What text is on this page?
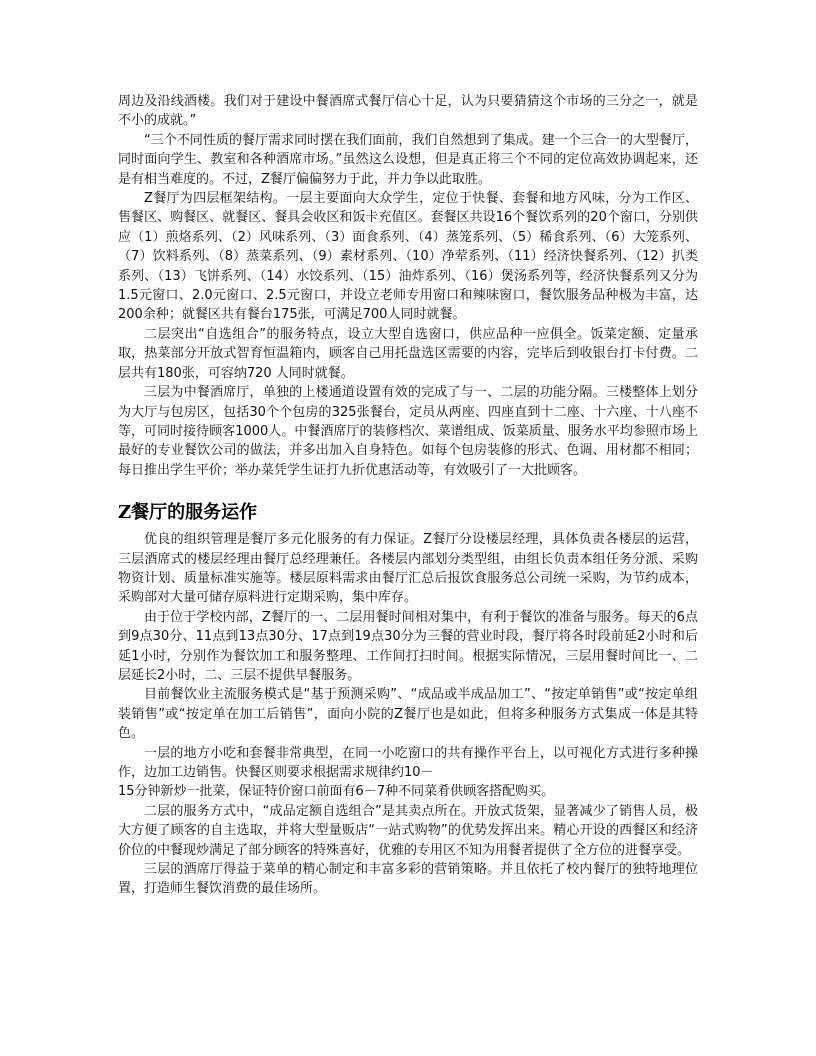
周边及沿线酒楼。我们对于建设中餐酒席式餐厅信心十足，认为只要猜猜这个市场的三分之一，就是不小的成就。”

“三个不同性质的餐厅需求同时摆在我们面前，我们自然想到了集成。建一个三合一的大型餐厅，同时面向学生、教室和各种酒席市场。”虽然这么设想，但是真正将三个不同的定位高效协调起来，还是有相当难度的。不过，Z餐厅偏偏努力于此，并力争以此取胜。

Z餐厅为四层框架结构。一层主要面向大众学生，定位于快餐、套餐和地方风味，分为工作区、售餐区、购餐区、就餐区、餐具会收区和饭卡充值区。套餐区共设16个餐饮系列的20个窗口，分别供应（1）煎烙系列、（2）风味系列、（3）面食系列、（4）蒸笼系列、（5）稀食系列、（6）大笼系列、（7）饮料系列、（8）蒸菜系列、（9）素材系列、（10）净荤系列、（11）经济快餐系列、（12）扒类系列、（13）飞饼系列、（14）水饺系列、（15）油炸系列、（16）煲汤系列等，经济快餐系列又分为1.5元窗口、2.0元窗口、2.5元窗口，并设立老师专用窗口和辣味窗口，餐饮服务品种极为丰富，达200余种；就餐区共有餐台175张，可满足700人同时就餐。

二层突出“自选组合”的服务特点，设立大型自选窗口，供应品种一应俱全。饭菜定额、定量承取，热菜部分开放式智育恒温箱内，顾客自己用托盘选区需要的内容，完毕后到收银台打卡付费。二层共有180张，可容纳720 人同时就餐。

三层为中餐酒席厅，单独的上楼通道设置有效的完成了与一、二层的功能分隔。三楼整体上划分为大厅与包房区，包括30个个包房的325张餐台，定员从两座、四座直到十二座、十六座、十八座不等，可同时接待顾客1000人。中餐酒席厅的装修档次、菜谱组成、饭菜质量、服务水平均参照市场上最好的专业餐饮公司的做法，并多出加入自身特色。如每个包房装修的形式、色调、用材都不相同；每日推出学生平价；举办菜凭学生证打九折优惠活动等，有效吸引了一大批顾客。

Z餐厅的服务运作

优良的组织管理是餐厅多元化服务的有力保证。Z餐厅分设楼层经理，具体负责各楼层的运营，三层酒席式的楼层经理由餐厅总经理兼任。各楼层内部划分类型组，由组长负责本组任务分派、采购物资计划、质量标准实施等。楼层原料需求由餐厅汇总后报饮食服务总公司统一采购，为节约成本，采购部对大量可储存原料进行定期采购，集中库存。

由于位于学校内部，Z餐厅的一、二层用餐时间相对集中，有利于餐饮的准备与服务。每天的6点到9点30分、11点到13点30分、17点到19点30分为三餐的营业时段，餐厅将各时段前延2小时和后延1小时，分别作为餐饮加工和服务整理、工作间打扫时间。根据实际情况，三层用餐时间比一、二层延长2小时，二、三层不提供早餐服务。

目前餐饮业主流服务模式是“基于预测采购”、“成品或半成品加工”、“按定单销售”或“按定单组装销售”或“按定单在加工后销售”，面向小院的Z餐厅也是如此，但将多种服务方式集成一体是其特色。

一层的地方小吃和套餐非常典型，在同一小吃窗口的共有操作平台上，以可视化方式进行多种操作，边加工边销售。快餐区则要求根据需求规律约10－

15分钟新炒一批菜，保证特价窗口前面有6－7种不同菜肴供顾客搭配购买。

二层的服务方式中，“成品定额自选组合”是其卖点所在。开放式货架，显著减少了销售人员，极大方便了顾客的自主选取，并将大型量贩店“一站式购物”的优势发挥出来。精心开设的西餐区和经济价位的中餐现炒满足了部分顾客的特殊喜好，优雅的专用区不知为用餐者提供了全方位的进餐享受。

三层的酒席厅得益于菜单的精心制定和丰富多彩的营销策略。并且依托了校内餐厅的独特地理位置，打造师生餐饮消费的最佳场所。
